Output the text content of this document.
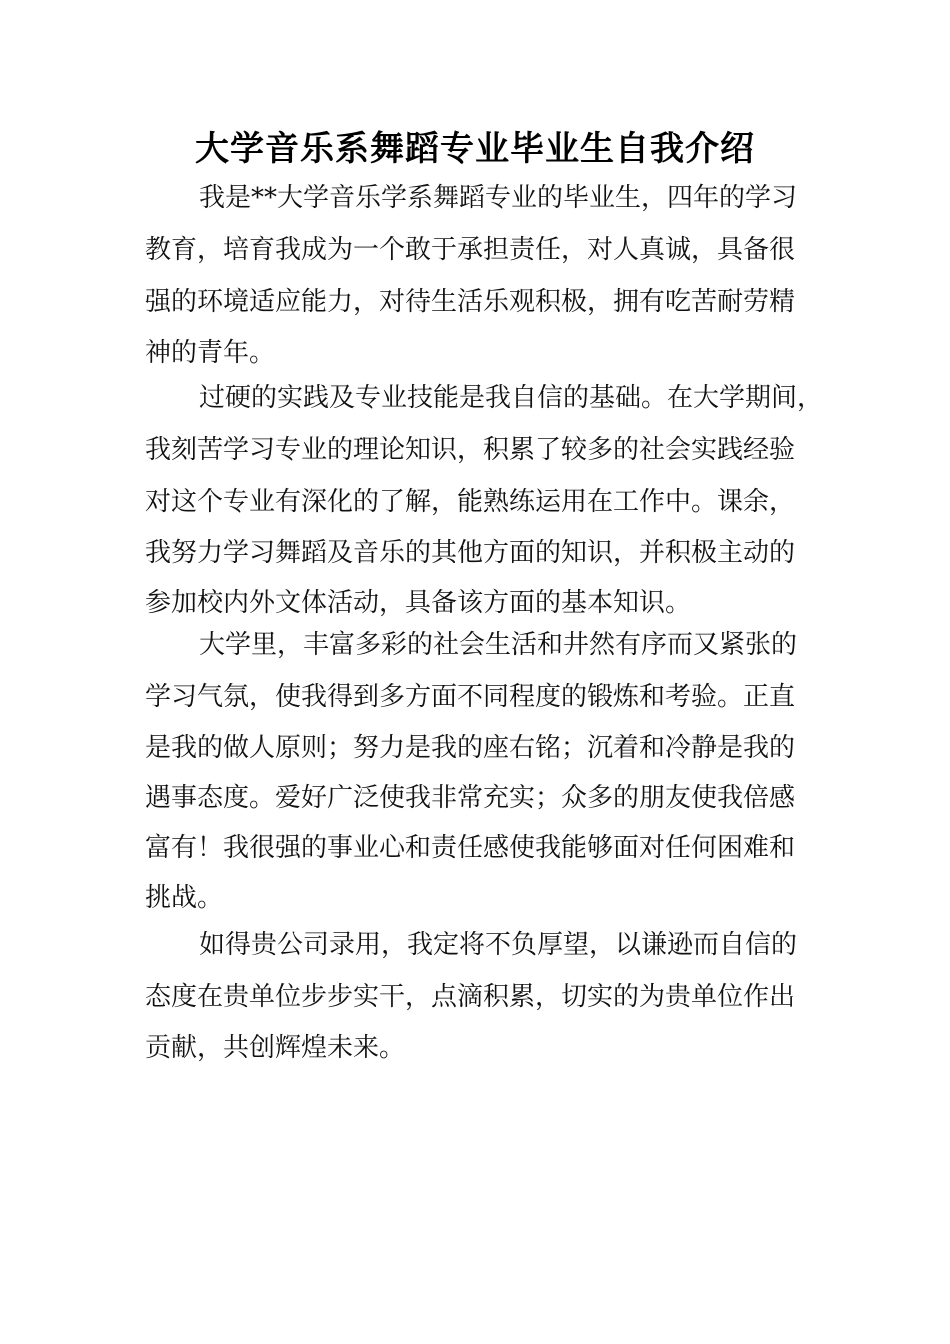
大学音乐系舞蹈专业毕业生自我介绍
我是**大学音乐学系舞蹈专业的毕业生，四年的学习
教育，培育我成为一个敢于承担责任，对人真诚，具备很
强的环境适应能力，对待生活乐观积极，拥有吃苦耐劳精
神的青年。
过硬的实践及专业技能是我自信的基础。在大学期间，
我刻苦学习专业的理论知识，积累了较多的社会实践经验
对这个专业有深化的了解，能熟练运用在工作中。课余，
我努力学习舞蹈及音乐的其他方面的知识，并积极主动的
参加校内外文体活动，具备该方面的基本知识。
大学里，丰富多彩的社会生活和井然有序而又紧张的
学习气氛，使我得到多方面不同程度的锻炼和考验。正直
是我的做人原则；努力是我的座右铭；沉着和冷静是我的
遇事态度。爱好广泛使我非常充实；众多的朋友使我倍感
富有！我很强的事业心和责任感使我能够面对任何困难和
挑战。
如得贵公司录用，我定将不负厚望，以谦逊而自信的
态度在贵单位步步实干，点滴积累，切实的为贵单位作出
贡献，共创辉煌未来。
